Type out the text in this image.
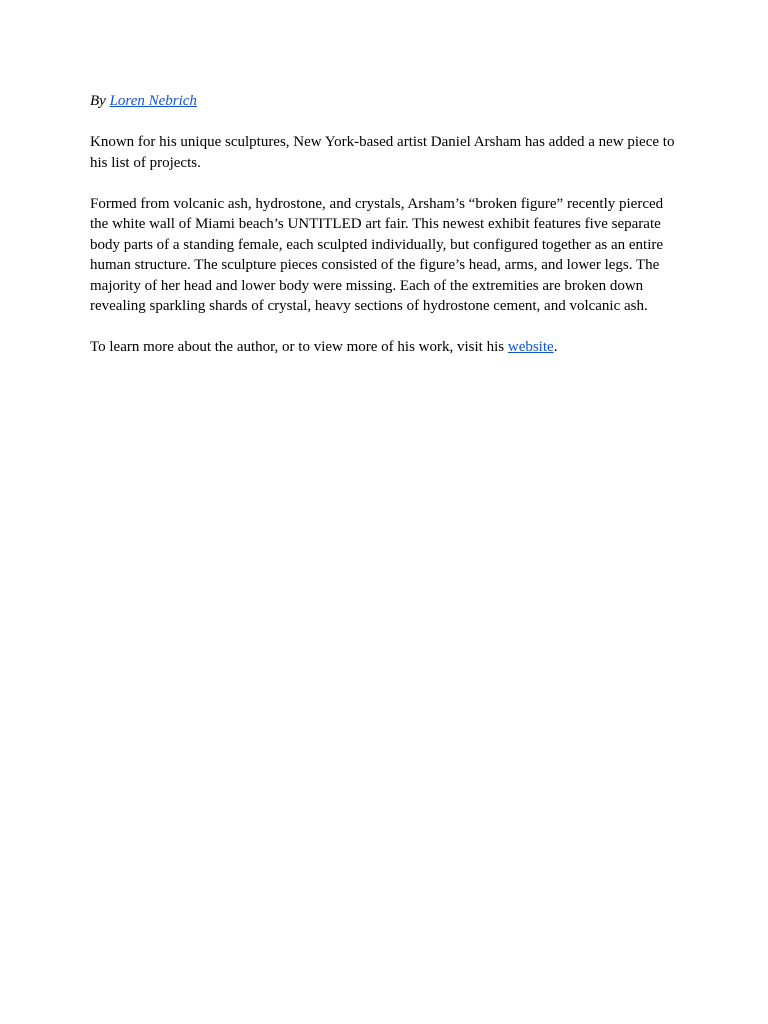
By Loren Nebrich

Known for his unique sculptures, New York-based artist Daniel Arsham has added a new piece to his list of projects.

Formed from volcanic ash, hydrostone, and crystals, Arsham’s “broken figure” recently pierced the white wall of Miami beach’s UNTITLED art fair. This newest exhibit features five separate body parts of a standing female, each sculpted individually, but configured together as an entire human structure. The sculpture pieces consisted of the figure’s head, arms, and lower legs. The majority of her head and lower body were missing. Each of the extremities are broken down revealing sparkling shards of crystal, heavy sections of hydrostone cement, and volcanic ash.

To learn more about the author, or to view more of his work, visit his website.
